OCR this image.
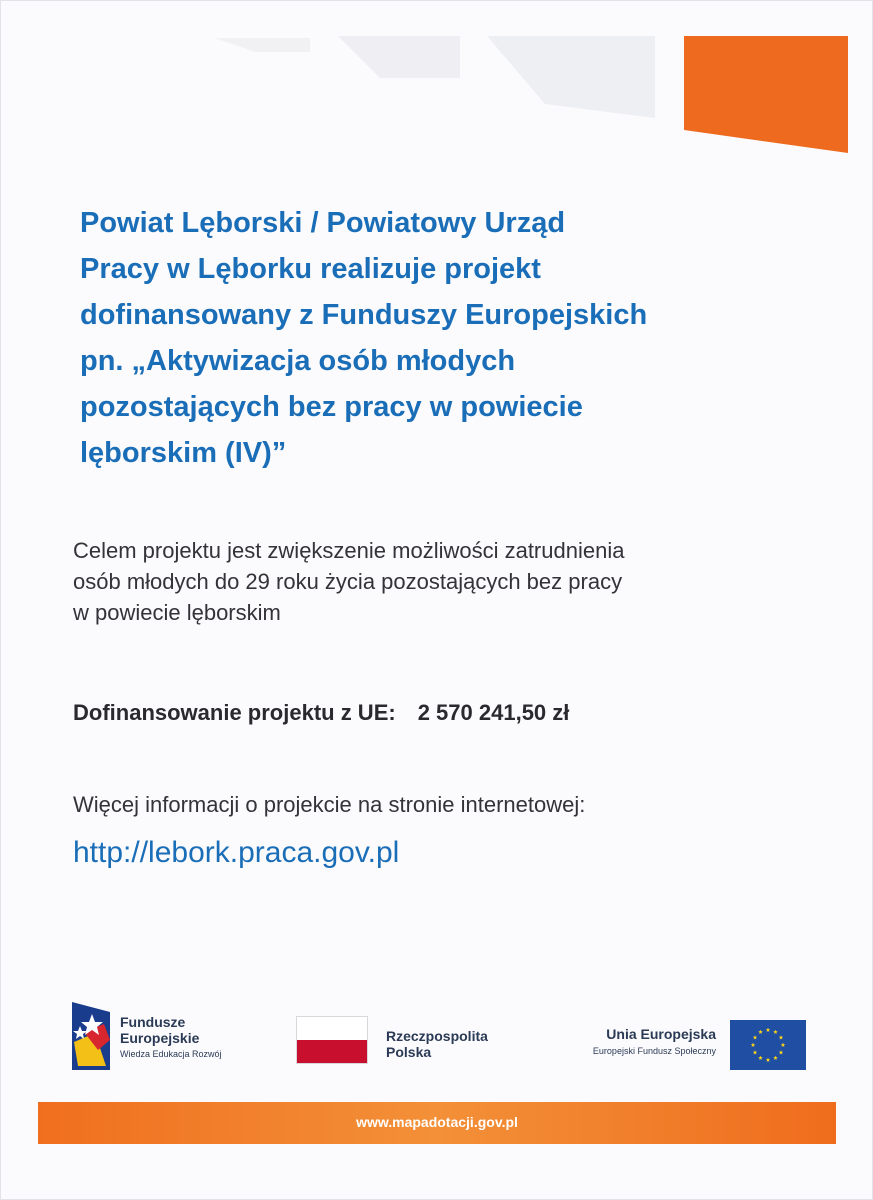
Powiat Lęborski / Powiatowy Urząd
Pracy w Lęborku realizuje projekt
dofinansowany z Funduszy Europejskich
pn. „Aktywizacja osób młodych
pozostających bez pracy w powiecie
lęborskim (IV)”

Celem projektu jest zwiększenie możliwości zatrudnienia
osób młodych do 29 roku życia pozostających bez pracy
w powiecie lęborskim

Dofinansowanie projektu z UE: 2 570 241,50 zł
Więcej informacji o projekcie na stronie internetowej:
http://lebork.praca.gov.pl
Fundusze
Europejskie
Wiedza Edukacja Rozwój
Rzeczpospolita
Polska
Unia Europejska
Europejski Fundusz Społeczny
www.mapadotacji.gov.pl
